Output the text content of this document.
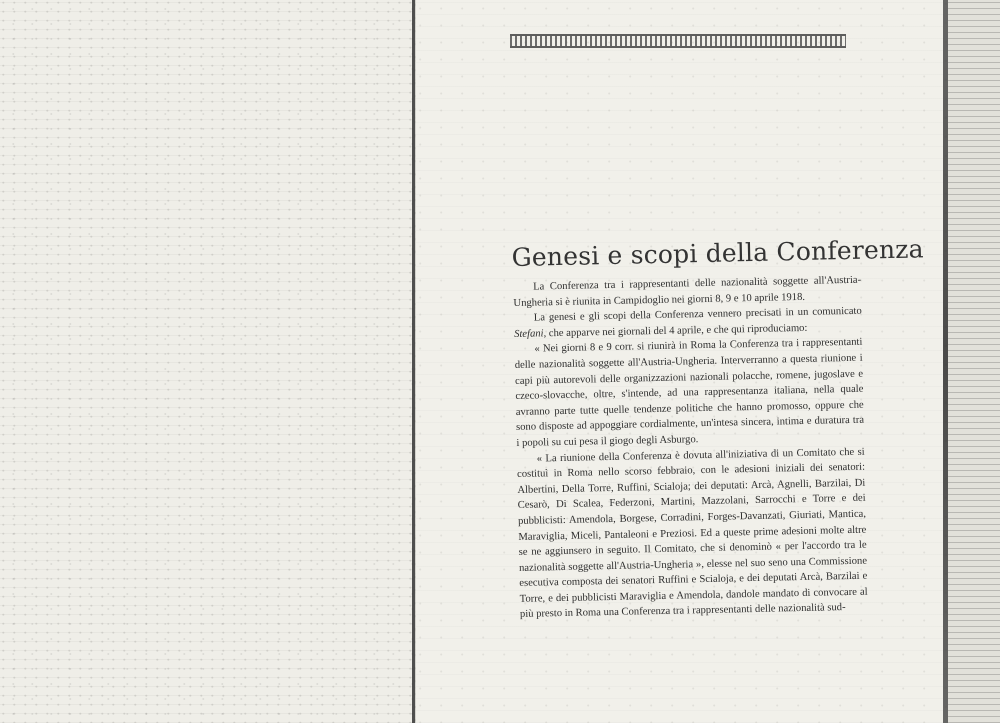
Genesi e scopi della Conferenza

La Conferenza tra i rappresentanti delle nazionalità soggette all'Austria-Ungheria si è riunita in Campidoglio nei giorni 8, 9 e 10 aprile 1918.

La genesi e gli scopi della Conferenza vennero precisati in un comunicato Stefani, che apparve nei giornali del 4 aprile, e che qui riproduciamo:

« Nei giorni 8 e 9 corr. si riunirà in Roma la Conferenza tra i rappresentanti delle nazionalità soggette all'Austria-Ungheria. Interverranno a questa riunione i capi più autorevoli delle organizzazioni nazionali polacche, romene, jugoslave e czeco-slovacche, oltre, s'intende, ad una rappresentanza italiana, nella quale avranno parte tutte quelle tendenze politiche che hanno promosso, oppure che sono disposte ad appoggiare cordialmente, un'intesa sincera, intima e duratura tra i popoli su cui pesa il giogo degli Asburgo.

« La riunione della Conferenza è dovuta all'iniziativa di un Comitato che si costituì in Roma nello scorso febbraio, con le adesioni iniziali dei senatori: Albertini, Della Torre, Ruffini, Scialoja; dei deputati: Arcà, Agnelli, Barzilai, Di Cesarò, Di Scalea, Federzoni, Martini, Mazzolani, Sarrocchi e Torre e dei pubblicisti: Amendola, Borgese, Corradini, Forges-Davanzati, Giuriati, Mantica, Maraviglia, Miceli, Pantaleoni e Preziosi. Ed a queste prime adesioni molte altre se ne aggiunsero in seguito. Il Comitato, che si denominò « per l'accordo tra le nazionalità soggette all'Austria-Ungheria », elesse nel suo seno una Commissione esecutiva composta dei senatori Ruffini e Scialoja, e dei deputati Arcà, Barzilai e Torre, e dei pubblicisti Maraviglia e Amendola, dandole mandato di convocare al più presto in Roma una Conferenza tra i rappresentanti delle nazionalità sud-
